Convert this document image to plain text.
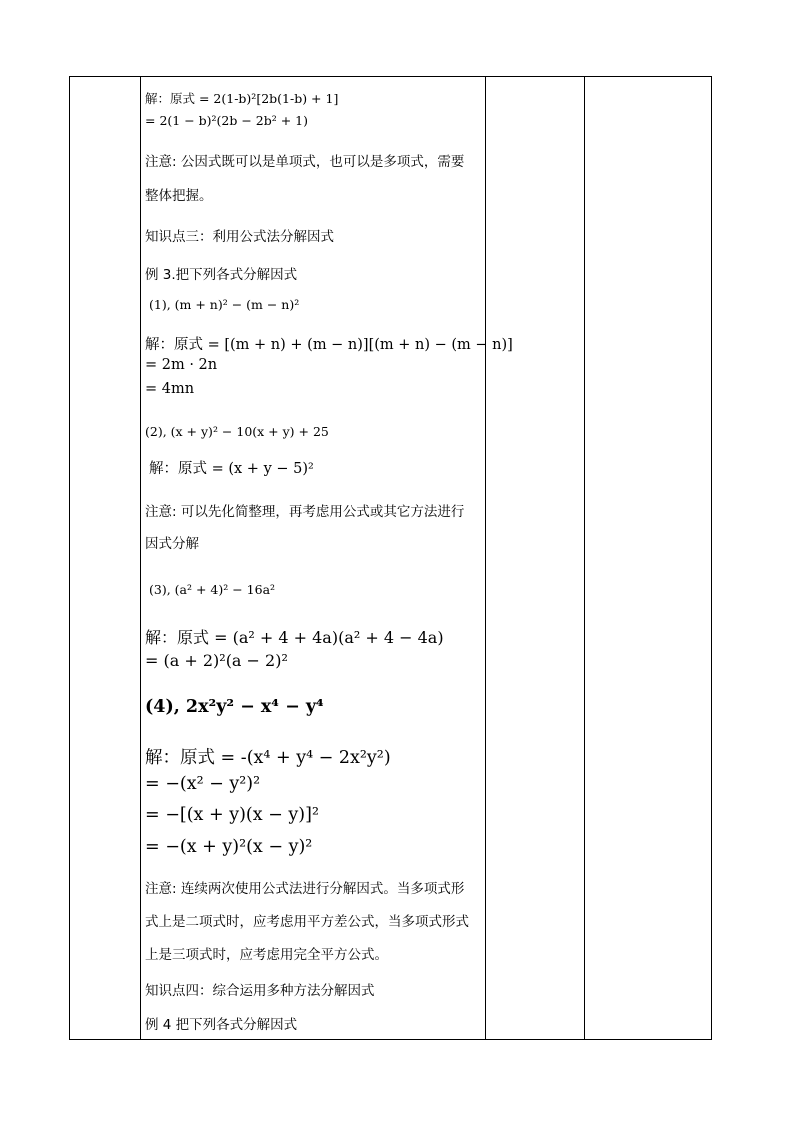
解：原式 = 2(1-b)²[2b(1-b) + 1]
= 2(1 − b)²(2b − 2b² + 1)
注意: 公因式既可以是单项式，也可以是多项式，需要
整体把握。
知识点三：利用公式法分解因式
例 3.把下列各式分解因式
(1), (m + n)² − (m − n)²
解：原式 = [(m + n) + (m − n)][(m + n) − (m − n)]
= 2m · 2n
= 4mn
(2), (x + y)² − 10(x + y) + 25
解：原式 = (x + y − 5)²
注意: 可以先化简整理，再考虑用公式或其它方法进行
因式分解
(3), (a² + 4)² − 16a²
解：原式 = (a² + 4 + 4a)(a² + 4 − 4a)
= (a + 2)²(a − 2)²
(4), 2x²y² − x⁴ − y⁴
解：原式 = -(x⁴ + y⁴ − 2x²y²)
= −(x² − y²)²
= −[(x + y)(x − y)]²
= −(x + y)²(x − y)²
注意: 连续两次使用公式法进行分解因式。当多项式形
式上是二项式时，应考虑用平方差公式，当多项式形式
上是三项式时，应考虑用完全平方公式。
知识点四：综合运用多种方法分解因式
例 4 把下列各式分解因式
